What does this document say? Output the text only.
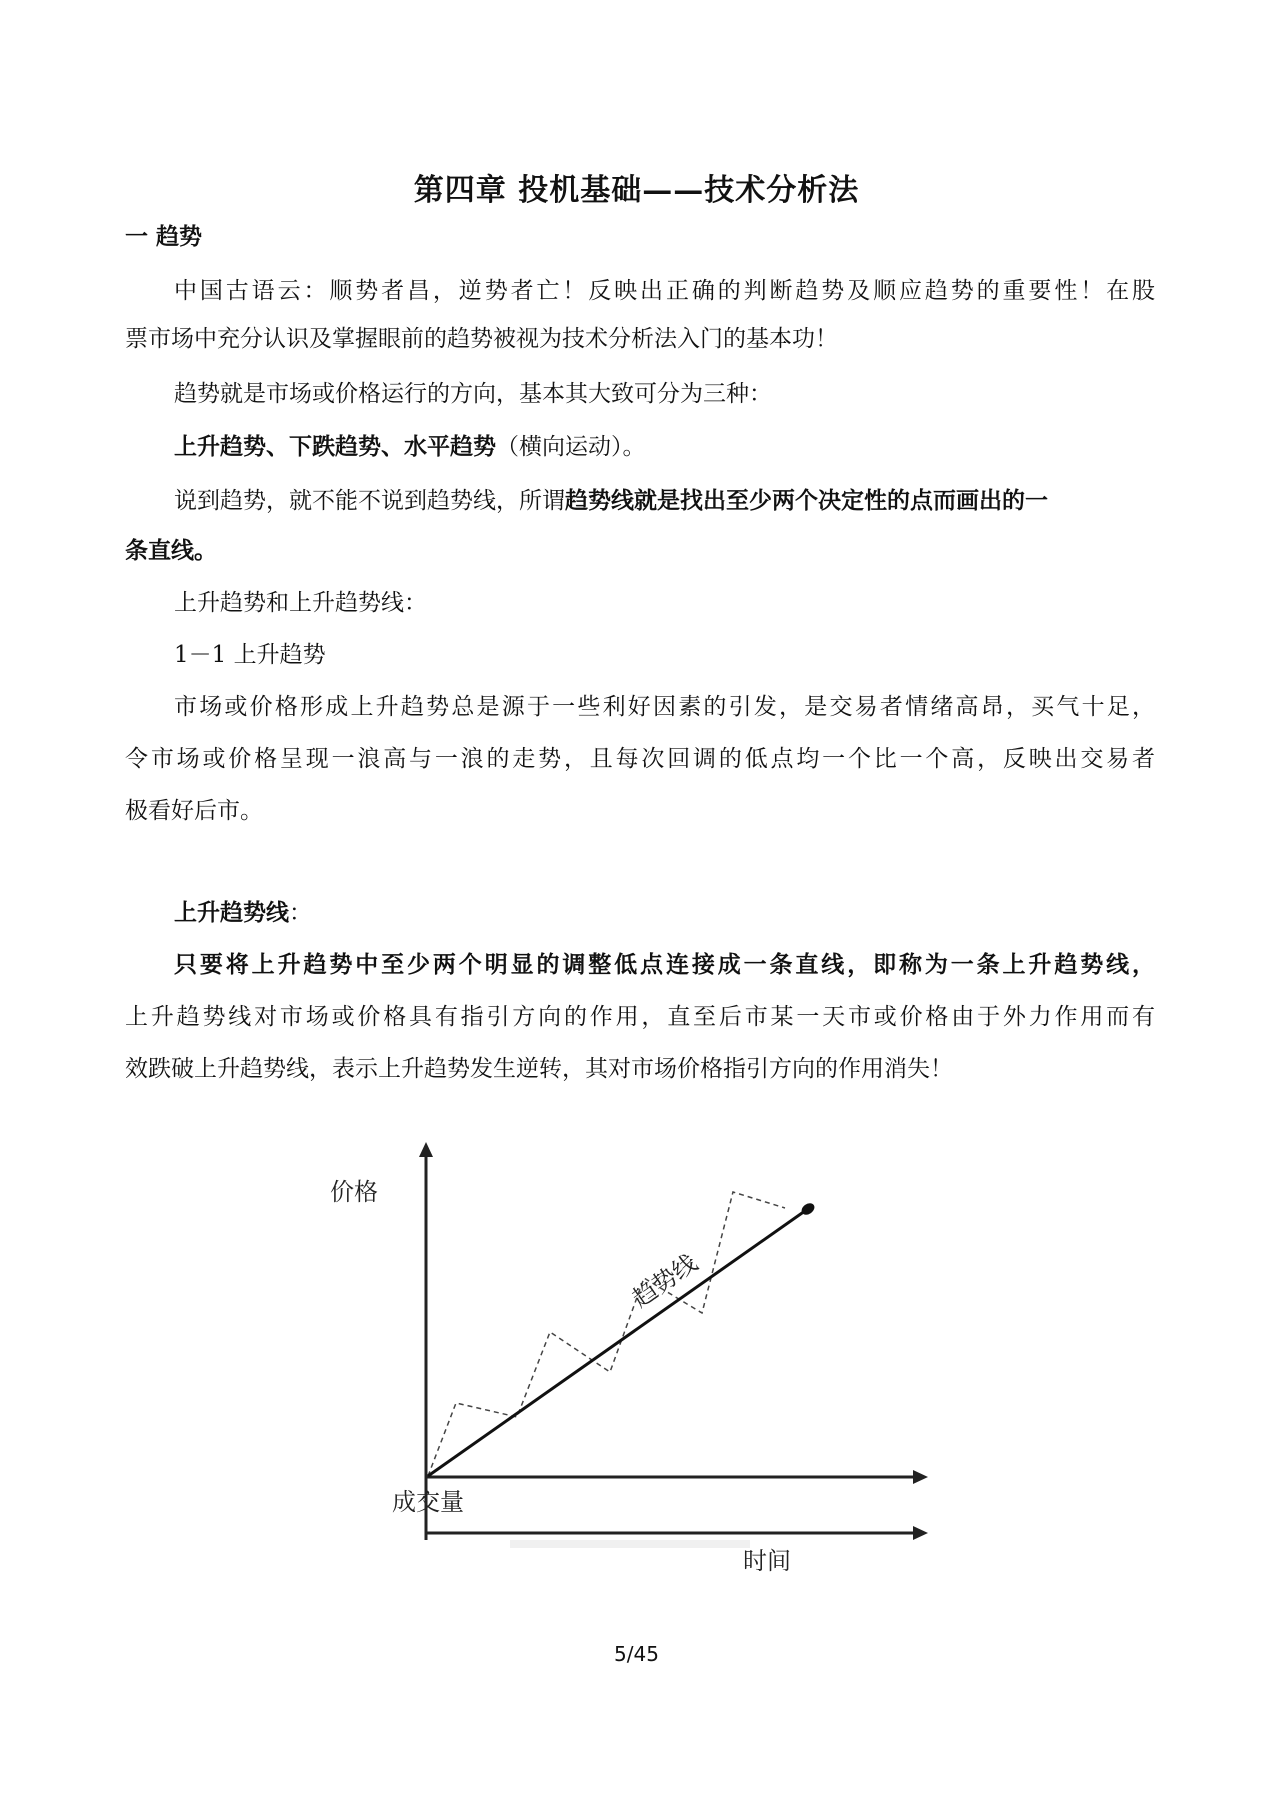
第四章 投机基础——技术分析法
一 趋势
中国古语云：顺势者昌，逆势者亡！反映出正确的判断趋势及顺应趋势的重要性！在股
票市场中充分认识及掌握眼前的趋势被视为技术分析法入门的基本功！
趋势就是市场或价格运行的方向，基本其大致可分为三种：
上升趋势、下跌趋势、水平趋势（横向运动）。
说到趋势，就不能不说到趋势线，所谓趋势线就是找出至少两个决定性的点而画出的一
条直线。
上升趋势和上升趋势线：
1－1 上升趋势
市场或价格形成上升趋势总是源于一些利好因素的引发，是交易者情绪高昂，买气十足，
令市场或价格呈现一浪高与一浪的走势，且每次回调的低点均一个比一个高，反映出交易者
极看好后市。
上升趋势线：
只要将上升趋势中至少两个明显的调整低点连接成一条直线，即称为一条上升趋势线，
上升趋势线对市场或价格具有指引方向的作用，直至后市某一天市或价格由于外力作用而有
效跌破上升趋势线，表示上升趋势发生逆转，其对市场价格指引方向的作用消失！
价格
趋势线
成交量
时间
5/45
